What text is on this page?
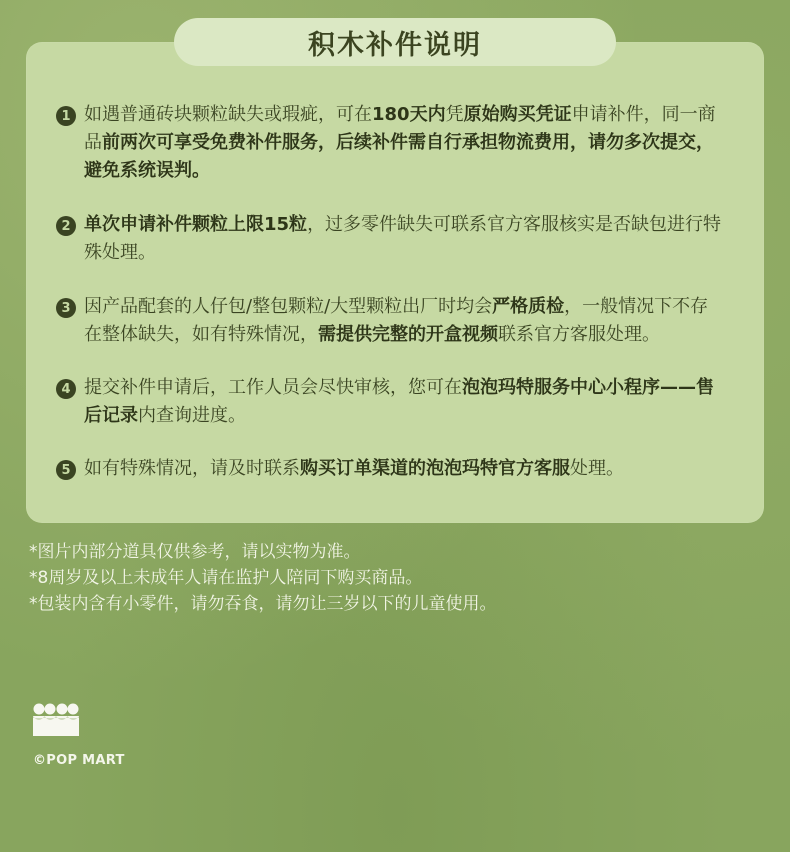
积木补件说明
1 如遇普通砖块颗粒缺失或瑕疵，可在180天内凭原始购买凭证申请补件，同一商品前两次可享受免费补件服务，后续补件需自行承担物流费用，请勿多次提交，避免系统误判。
2 单次申请补件颗粒上限15粒，过多零件缺失可联系官方客服核实是否缺包进行特殊处理。
3 因产品配套的人仔包/整包颗粒/大型颗粒出厂时均会严格质检，一般情况下不存在整体缺失，如有特殊情况，需提供完整的开盒视频联系官方客服处理。
4 提交补件申请后，工作人员会尽快审核，您可在泡泡玛特服务中心小程序——售后记录内查询进度。
5 如有特殊情况，请及时联系购买订单渠道的泡泡玛特官方客服处理。
*图片内部分道具仅供参考，请以实物为准。
*8周岁及以上未成年人请在监护人陪同下购买商品。
*包装内含有小零件，请勿吞食，请勿让三岁以下的儿童使用。
©POP MART
